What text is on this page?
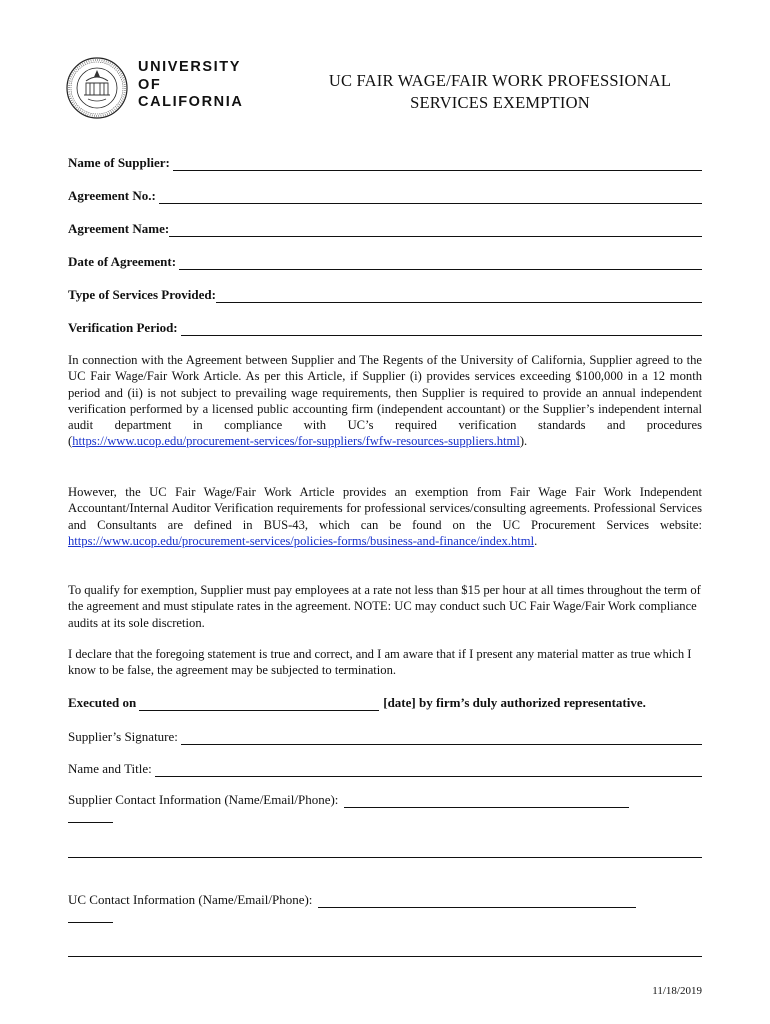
UNIVERSITY
OF
CALIFORNIA
UC FAIR WAGE/FAIR WORK PROFESSIONAL
SERVICES EXEMPTION
Name of Supplier:
Agreement No.:
Agreement Name:
Date of Agreement:
Type of Services Provided:
Verification Period:
In connection with the Agreement between Supplier and The Regents of the University of California, Supplier agreed to the UC Fair Wage/Fair Work Article. As per this Article, if Supplier (i) provides services exceeding $100,000 in a 12 month period and (ii) is not subject to prevailing wage requirements, then Supplier is required to provide an annual independent verification performed by a licensed public accounting firm (independent accountant) or the Supplier’s independent internal audit department in compliance with UC’s required verification standards and procedures (https://www.ucop.edu/procurement-services/for-suppliers/fwfw-resources-suppliers.html).
However, the UC Fair Wage/Fair Work Article provides an exemption from Fair Wage Fair Work Independent Accountant/Internal Auditor Verification requirements for professional services/consulting agreements. Professional Services and Consultants are defined in BUS-43, which can be found on the UC Procurement Services website: https://www.ucop.edu/procurement-services/policies-forms/business-and-finance/index.html.
To qualify for exemption, Supplier must pay employees at a rate not less than $15 per hour at all times throughout the term of the agreement and must stipulate rates in the agreement. NOTE: UC may conduct such UC Fair Wage/Fair Work compliance audits at its sole discretion.
I declare that the foregoing statement is true and correct, and I am aware that if I present any material matter as true which I know to be false, the agreement may be subjected to termination.
Executed on	[date] by firm’s duly authorized representative.
Supplier’s Signature:
Name and Title:
Supplier Contact Information (Name/Email/Phone):
UC Contact Information (Name/Email/Phone):
11/18/2019
